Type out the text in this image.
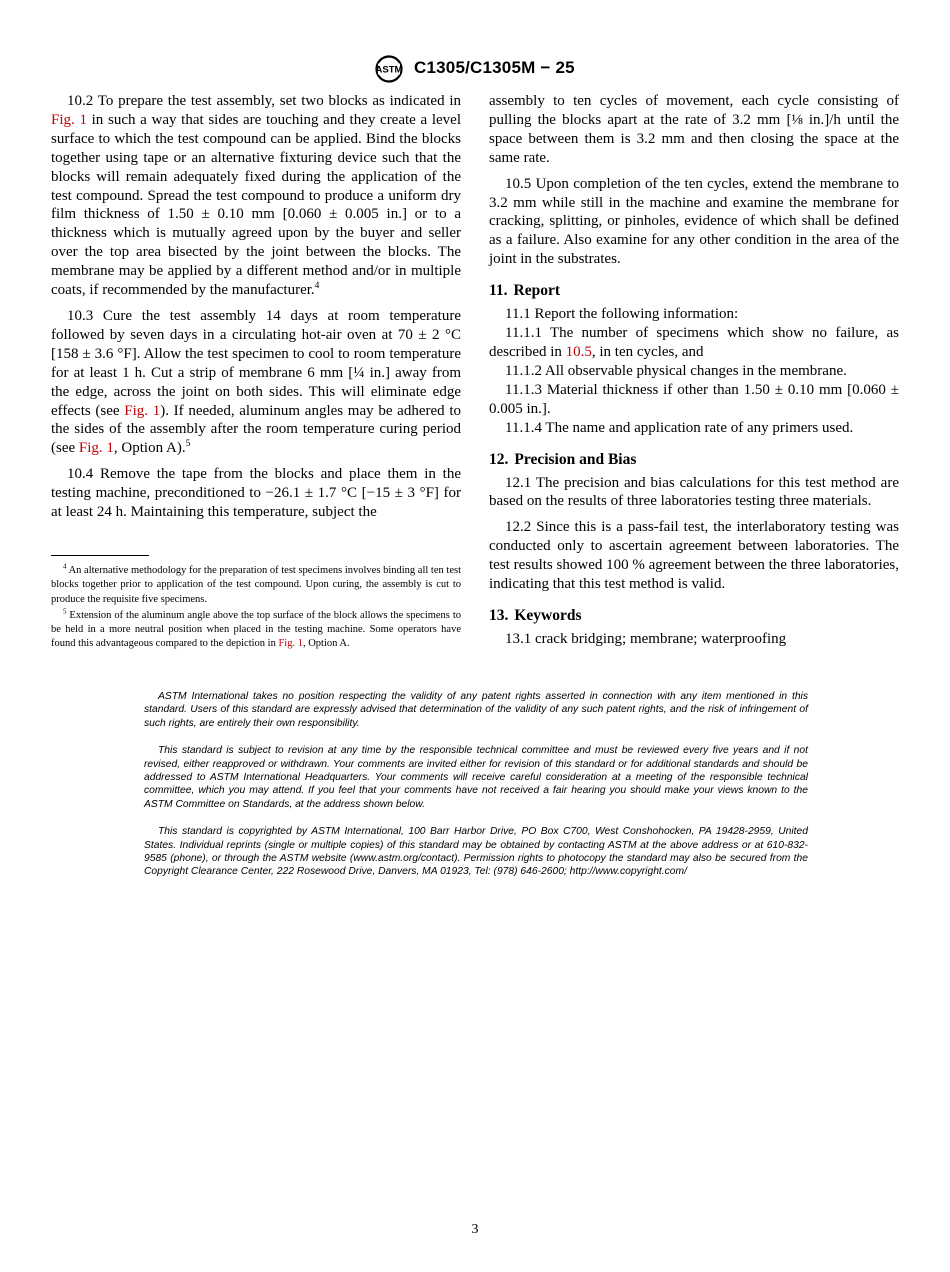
ASTM C1305/C1305M − 25

10.2 To prepare the test assembly, set two blocks as indicated in Fig. 1 in such a way that sides are touching and they create a level surface to which the test compound can be applied. Bind the blocks together using tape or an alternative fixturing device such that the blocks will remain adequately fixed during the application of the test compound. Spread the test compound to produce a uniform dry film thickness of 1.50 ± 0.10 mm [0.060 ± 0.005 in.] or to a thickness which is mutually agreed upon by the buyer and seller over the top area bisected by the joint between the blocks. The membrane may be applied by a different method and/or in multiple coats, if recommended by the manufacturer.$^4$

10.3 Cure the test assembly 14 days at room temperature followed by seven days in a circulating hot-air oven at 70 ± 2 °C [158 ± 3.6 °F]. Allow the test specimen to cool to room temperature for at least 1 h. Cut a strip of membrane 6 mm [¼ in.] away from the edge, across the joint on both sides. This will eliminate edge effects (see Fig. 1). If needed, aluminum angles may be adhered to the sides of the assembly after the room temperature curing period (see Fig. 1, Option A).$^5$

10.4 Remove the tape from the blocks and place them in the testing machine, preconditioned to −26.1 ± 1.7 °C [−15 ± 3 °F] for at least 24 h. Maintaining this temperature, subject the

$^4$ An alternative methodology for the preparation of test specimens involves binding all ten test blocks together prior to application of the test compound. Upon curing, the assembly is cut to produce the requisite five specimens.

$^5$ Extension of the aluminum angle above the top surface of the block allows the specimens to be held in a more neutral position when placed in the testing machine. Some operators have found this advantageous compared to the depiction in Fig. 1, Option A.

assembly to ten cycles of movement, each cycle consisting of pulling the blocks apart at the rate of 3.2 mm [⅛ in.]/h until the space between them is 3.2 mm and then closing the space at the same rate.

10.5 Upon completion of the ten cycles, extend the membrane to 3.2 mm while still in the machine and examine the membrane for cracking, splitting, or pinholes, evidence of which shall be defined as a failure. Also examine for any other condition in the area of the joint in the substrates.

11. Report

11.1 Report the following information:

11.1.1 The number of specimens which show no failure, as described in 10.5, in ten cycles, and

11.1.2 All observable physical changes in the membrane.

11.1.3 Material thickness if other than 1.50 ± 0.10 mm [0.060 ± 0.005 in.].

11.1.4 The name and application rate of any primers used.

12. Precision and Bias

12.1 The precision and bias calculations for this test method are based on the results of three laboratories testing three materials.

12.2 Since this is a pass-fail test, the interlaboratory testing was conducted only to ascertain agreement between laboratories. The test results showed 100 % agreement between the three laboratories, indicating that this test method is valid.

13. Keywords

13.1 crack bridging; membrane; waterproofing

ASTM International takes no position respecting the validity of any patent rights asserted in connection with any item mentioned in this standard. Users of this standard are expressly advised that determination of the validity of any such patent rights, and the risk of infringement of such rights, are entirely their own responsibility.

This standard is subject to revision at any time by the responsible technical committee and must be reviewed every five years and if not revised, either reapproved or withdrawn. Your comments are invited either for revision of this standard or for additional standards and should be addressed to ASTM International Headquarters. Your comments will receive careful consideration at a meeting of the responsible technical committee, which you may attend. If you feel that your comments have not received a fair hearing you should make your views known to the ASTM Committee on Standards, at the address shown below.

This standard is copyrighted by ASTM International, 100 Barr Harbor Drive, PO Box C700, West Conshohocken, PA 19428-2959, United States. Individual reprints (single or multiple copies) of this standard may be obtained by contacting ASTM at the above address or at 610-832-9585 (phone), or through the ASTM website (www.astm.org/contact). Permission rights to photocopy the standard may also be secured from the Copyright Clearance Center, 222 Rosewood Drive, Danvers, MA 01923, Tel: (978) 646-2600; http://www.copyright.com/

3
